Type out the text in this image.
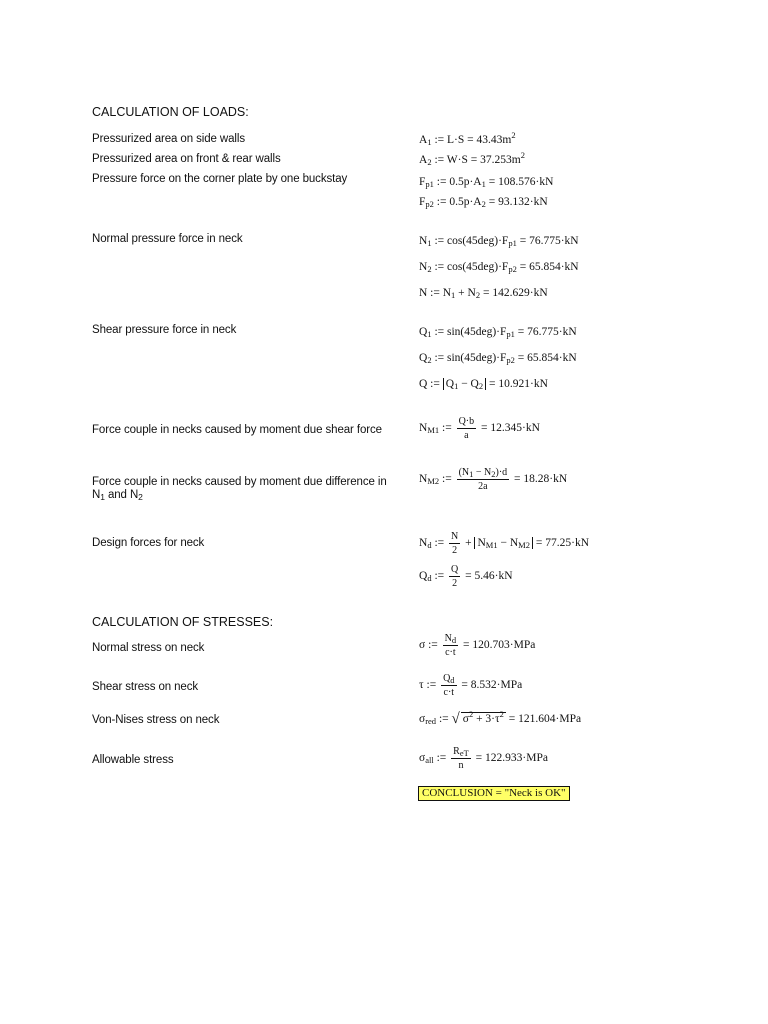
CALCULATION OF LOADS:
Pressurized area on side walls
Pressurized area on front & rear walls
Pressure force on the corner plate by one buckstay
Normal pressure force in neck
Shear pressure force in neck
Force couple in necks caused by moment due shear force
Force couple in necks caused by moment due difference in
$N_1$ and $N_2$
Design forces for neck
CALCULATION OF STRESSES:
Normal stress on neck
Shear stress on neck
Von-Nises stress on neck
Allowable stress
$A_1$ := $L\cdot S = 43.43m^2$
$A_2$ := $W\cdot S = 37.253m^2$
$F_{p1}$ := $0.5p\cdot A_1 = 108.576\cdot kN$
$F_{p2}$ := $0.5p\cdot A_2 = 93.132\cdot kN$
$N_1$ := $\cos(45deg)\cdot F_{p1} = 76.775\cdot kN$
$N_2$ := $\cos(45deg)\cdot F_{p2} = 65.854\cdot kN$
N := $N_1 + N_2 = 142.629\cdot kN$
$Q_1$ := $\sin(45deg)\cdot F_{p1} = 76.775\cdot kN$
$Q_2$ := $\sin(45deg)\cdot F_{p2} = 65.854\cdot kN$
Q := $Q_1 - Q_2 = 10.921\cdot kN$
$N_{M1}$ := $\frac{Q\cdot b}{a} = 12.345\cdot kN$
$N_{M2}$ := $\frac{(N_1 - N_2)\cdot d}{2a} = 18.28\cdot kN$
$N_d$ := $\frac{N}{2} + N_{M1} - N_{M2} = 77.25\cdot kN$
$Q_d$ := $\frac{Q}{2} = 5.46\cdot kN$
σ := $\frac{N_d}{c\cdot t} = 120.703\cdot MPa$
τ := $\frac{Q_d}{c\cdot t} = 8.532\cdot MPa$
$\sigma_{red}$ := √ $\sigma^2 + 3\cdot\tau^2 = 121.604\cdot MPa$
$\sigma_{all}$ := $\frac{R_{eT}}{n} = 122.933\cdot MPa$
CONCLUSION = "Neck is OK"
